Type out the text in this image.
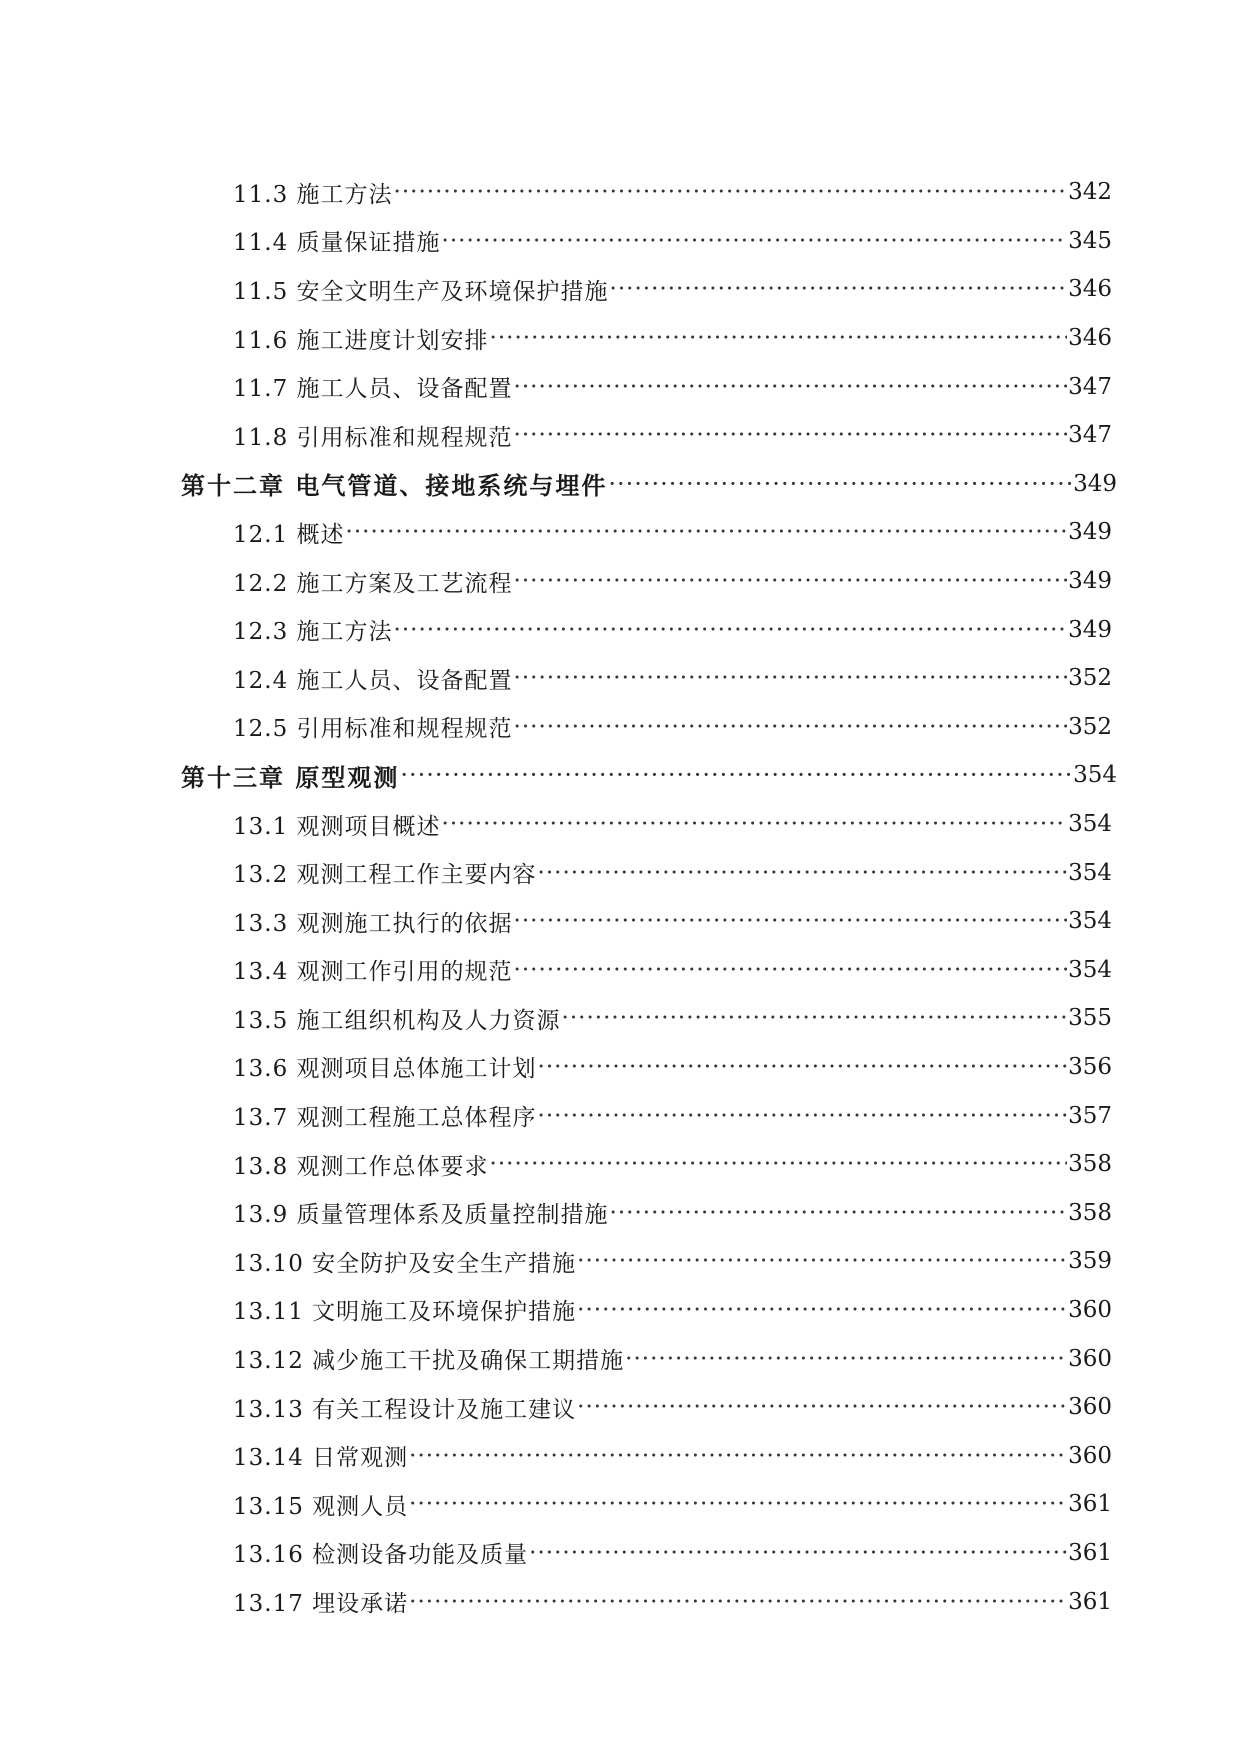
11.3 施工方法 ·····	342
11.4 质量保证措施 ·····	345
11.5 安全文明生产及环境保护措施 ·····	346
11.6 施工进度计划安排 ·····	346
11.7 施工人员、设备配置 ·····	347
11.8 引用标准和规程规范 ·····	347
第十二章 电气管道、接地系统与埋件 ·····	349
12.1 概述 ·····	349
12.2 施工方案及工艺流程 ·····	349
12.3 施工方法 ·····	349
12.4 施工人员、设备配置 ·····	352
12.5 引用标准和规程规范 ·····	352
第十三章 原型观测 ·····	354
13.1 观测项目概述 ·····	354
13.2 观测工程工作主要内容 ·····	354
13.3 观测施工执行的依据 ·····	354
13.4 观测工作引用的规范 ·····	354
13.5 施工组织机构及人力资源 ·····	355
13.6 观测项目总体施工计划 ·····	356
13.7 观测工程施工总体程序 ·····	357
13.8 观测工作总体要求 ·····	358
13.9 质量管理体系及质量控制措施 ·····	358
13.10 安全防护及安全生产措施 ·····	359
13.11 文明施工及环境保护措施 ·····	360
13.12 减少施工干扰及确保工期措施 ·····	360
13.13 有关工程设计及施工建议 ·····	360
13.14 日常观测 ·····	360
13.15 观测人员 ·····	361
13.16 检测设备功能及质量 ·····	361
13.17 埋设承诺 ·····	361
